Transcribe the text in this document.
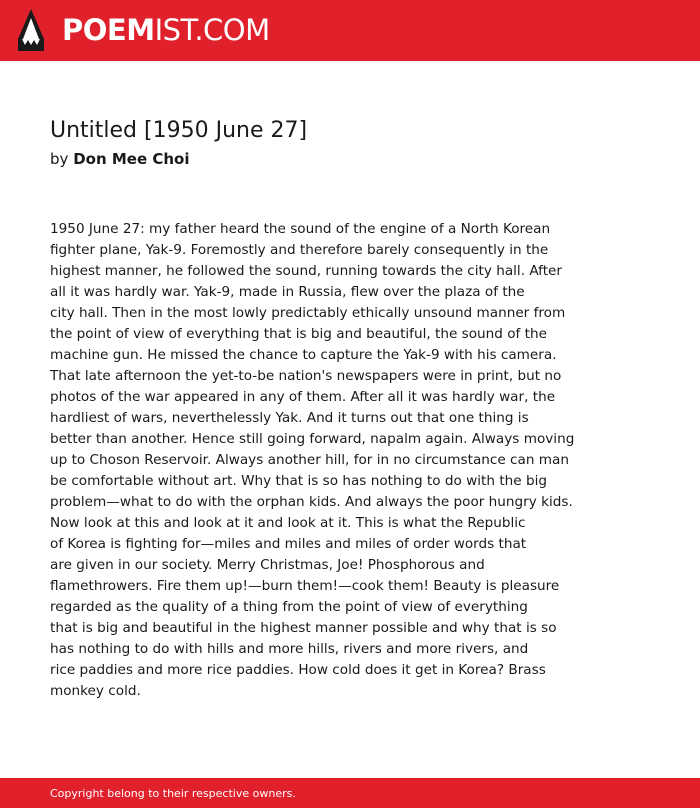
POEMIST.COM
Untitled [1950 June 27]
by Don Mee Choi
1950 June 27: my father heard the sound of the engine of a North Korean
fighter plane, Yak-9. Foremostly and therefore barely consequently in the
highest manner, he followed the sound, running towards the city hall. After
all it was hardly war. Yak-9, made in Russia, flew over the plaza of the
city hall. Then in the most lowly predictably ethically unsound manner from
the point of view of everything that is big and beautiful, the sound of the
machine gun. He missed the chance to capture the Yak-9 with his camera.
That late afternoon the yet-to-be nation's newspapers were in print, but no
photos of the war appeared in any of them. After all it was hardly war, the
hardliest of wars, neverthelessly Yak. And it turns out that one thing is
better than another. Hence still going forward, napalm again. Always moving
up to Choson Reservoir. Always another hill, for in no circumstance can man
be comfortable without art. Why that is so has nothing to do with the big
problem—what to do with the orphan kids. And always the poor hungry kids.
Now look at this and look at it and look at it. This is what the Republic
of Korea is fighting for—miles and miles and miles of order words that
are given in our society. Merry Christmas, Joe! Phosphorous and
flamethrowers. Fire them up!—burn them!—cook them! Beauty is pleasure
regarded as the quality of a thing from the point of view of everything
that is big and beautiful in the highest manner possible and why that is so
has nothing to do with hills and more hills, rivers and more rivers, and
rice paddies and more rice paddies. How cold does it get in Korea? Brass
monkey cold.
Copyright belong to their respective owners.
